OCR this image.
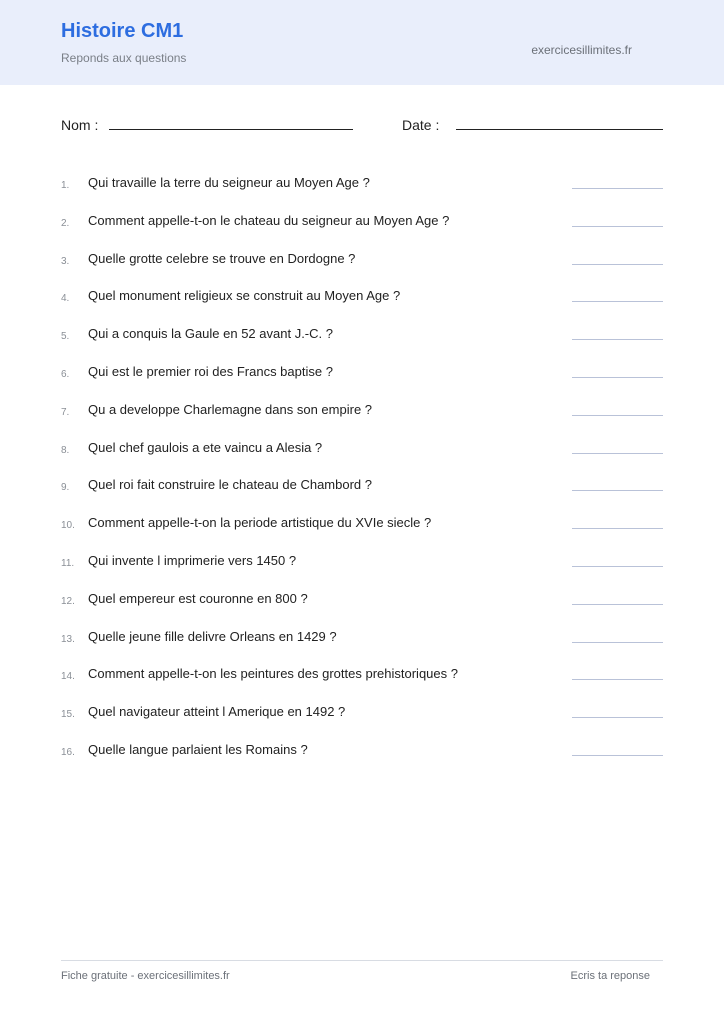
Histoire CM1
Reponds aux questions
exercicesillimites.fr
Nom :	Date :
1.	Qui travaille la terre du seigneur au Moyen Age ?
2.	Comment appelle-t-on le chateau du seigneur au Moyen Age ?
3.	Quelle grotte celebre se trouve en Dordogne ?
4.	Quel monument religieux se construit au Moyen Age ?
5.	Qui a conquis la Gaule en 52 avant J.-C. ?
6.	Qui est le premier roi des Francs baptise ?
7.	Qu a developpe Charlemagne dans son empire ?
8.	Quel chef gaulois a ete vaincu a Alesia ?
9.	Quel roi fait construire le chateau de Chambord ?
10.	Comment appelle-t-on la periode artistique du XVIe siecle ?
11.	Qui invente l imprimerie vers 1450 ?
12.	Quel empereur est couronne en 800 ?
13.	Quelle jeune fille delivre Orleans en 1429 ?
14.	Comment appelle-t-on les peintures des grottes prehistoriques ?
15.	Quel navigateur atteint l Amerique en 1492 ?
16.	Quelle langue parlaient les Romains ?
Fiche gratuite - exercicesillimites.fr	Ecris ta reponse
